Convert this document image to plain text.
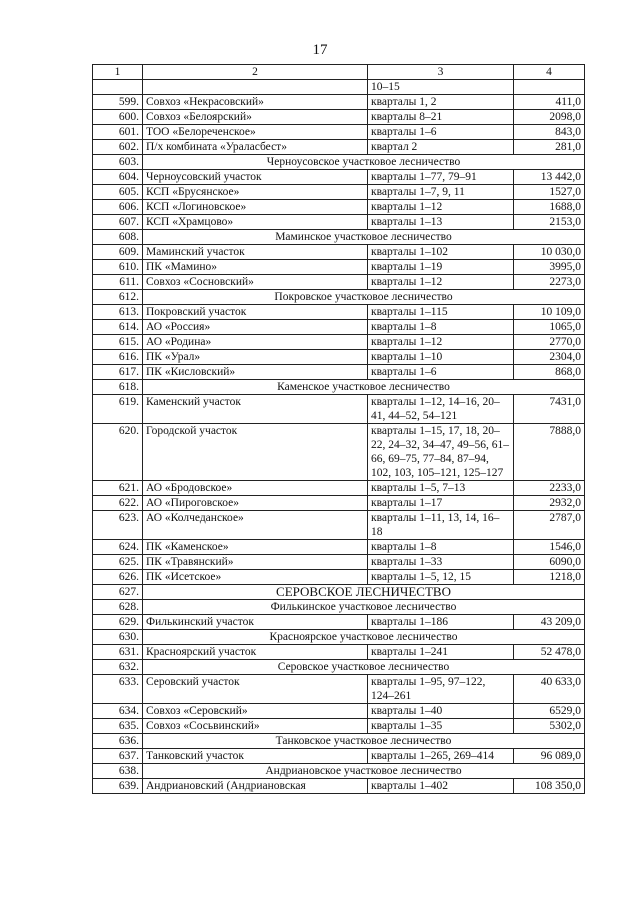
17
1	2	3	4
		10–15	
599.	Совхоз «Некрасовский»	кварталы 1, 2	411,0
600.	Совхоз «Белоярский»	кварталы 8–21	2098,0
601.	ТОО «Белореченское»	кварталы 1–6	843,0
602.	П/х комбината «Ураласбест»	квартал 2	281,0
603.	Черноусовское участковое лесничество		
604.	Черноусовский участок	кварталы 1–77, 79–91	13 442,0
605.	КСП «Брусянское»	кварталы 1–7, 9, 11	1527,0
606.	КСП «Логиновское»	кварталы 1–12	1688,0
607.	КСП «Храмцово»	кварталы 1–13	2153,0
608.	Маминское участковое лесничество		
609.	Маминский участок	кварталы 1–102	10 030,0
610.	ПК «Мамино»	кварталы 1–19	3995,0
611.	Совхоз «Сосновский»	кварталы 1–12	2273,0
612.	Покровское участковое лесничество		
613.	Покровский участок	кварталы 1–115	10 109,0
614.	АО «Россия»	кварталы 1–8	1065,0
615.	АО «Родина»	кварталы 1–12	2770,0
616.	ПК «Урал»	кварталы 1–10	2304,0
617.	ПК «Кисловский»	кварталы 1–6	868,0
618.	Каменское участковое лесничество		
619.	Каменский участок	кварталы 1–12, 14–16, 20–41, 44–52, 54–121	7431,0
620.	Городской участок	кварталы 1–15, 17, 18, 20–22, 24–32, 34–47, 49–56, 61–66, 69–75, 77–84, 87–94, 102, 103, 105–121, 125–127	7888,0
621.	АО «Бродовское»	кварталы 1–5, 7–13	2233,0
622.	АО «Пироговское»	кварталы 1–17	2932,0
623.	АО «Колчеданское»	кварталы 1–11, 13, 14, 16–18	2787,0
624.	ПК «Каменское»	кварталы 1–8	1546,0
625.	ПК «Травянский»	кварталы 1–33	6090,0
626.	ПК «Исетское»	кварталы 1–5, 12, 15	1218,0
627.	СЕРОВСКОЕ ЛЕСНИЧЕСТВО		
628.	Филькинское участковое лесничество		
629.	Филькинский участок	кварталы 1–186	43 209,0
630.	Красноярское участковое лесничество		
631.	Красноярский участок	кварталы 1–241	52 478,0
632.	Серовское участковое лесничество		
633.	Серовский участок	кварталы 1–95, 97–122, 124–261	40 633,0
634.	Совхоз «Серовский»	кварталы 1–40	6529,0
635.	Совхоз «Сосьвинский»	кварталы 1–35	5302,0
636.	Танковское участковое лесничество		
637.	Танковский участок	кварталы 1–265, 269–414	96 089,0
638.	Андриановское участковое лесничество		
639.	Андриановский (Андриановская	кварталы 1–402	108 350,0
